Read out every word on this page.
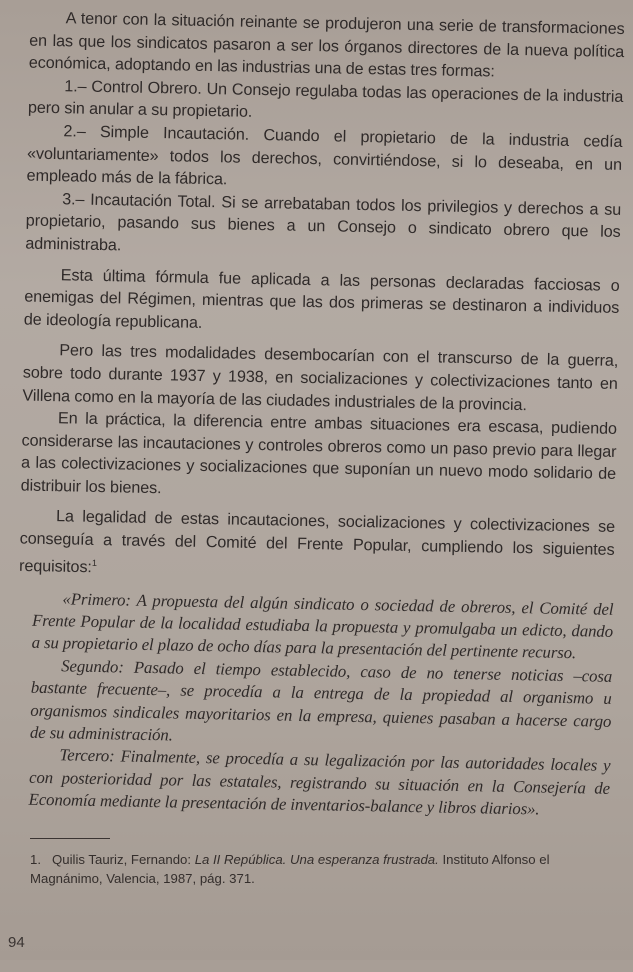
A tenor con la situación reinante se produjeron una serie de transformaciones en las que los sindicatos pasaron a ser los órganos directores de la nueva política económica, adoptando en las industrias una de estas tres formas:

1.– Control Obrero. Un Consejo regulaba todas las operaciones de la industria pero sin anular a su propietario.

2.– Simple Incautación. Cuando el propietario de la industria cedía «voluntariamente» todos los derechos, convirtiéndose, si lo deseaba, en un empleado más de la fábrica.

3.– Incautación Total. Si se arrebataban todos los privilegios y derechos a su propietario, pasando sus bienes a un Consejo o sindicato obrero que los administraba.

Esta última fórmula fue aplicada a las personas declaradas facciosas o enemigas del Régimen, mientras que las dos primeras se destinaron a individuos de ideología republicana.

Pero las tres modalidades desembocarían con el transcurso de la guerra, sobre todo durante 1937 y 1938, en socializaciones y colectivizaciones tanto en Villena como en la mayoría de las ciudades industriales de la provincia.

En la práctica, la diferencia entre ambas situaciones era escasa, pudiendo considerarse las incautaciones y controles obreros como un paso previo para llegar a las colectivizaciones y socializaciones que suponían un nuevo modo solidario de distribuir los bienes.

La legalidad de estas incautaciones, socializaciones y colectivizaciones se conseguía a través del Comité del Frente Popular, cumpliendo los siguientes requisitos:$^1$

«Primero: A propuesta del algún sindicato o sociedad de obreros, el Comité del Frente Popular de la localidad estudiaba la propuesta y promulgaba un edicto, dando a su propietario el plazo de ocho días para la presentación del pertinente recurso.

Segundo: Pasado el tiempo establecido, caso de no tenerse noticias –cosa bastante frecuente–, se procedía a la entrega de la propiedad al organismo u organismos sindicales mayoritarios en la empresa, quienes pasaban a hacerse cargo de su administración.

Tercero: Finalmente, se procedía a su legalización por las autoridades locales y con posterioridad por las estatales, registrando su situación en la Consejería de Economía mediante la presentación de inventarios-balance y libros diarios».

1. Quilis Tauriz, Fernando: La II República. Una esperanza frustrada. Instituto Alfonso el Magnánimo, Valencia, 1987, pág. 371.
94
